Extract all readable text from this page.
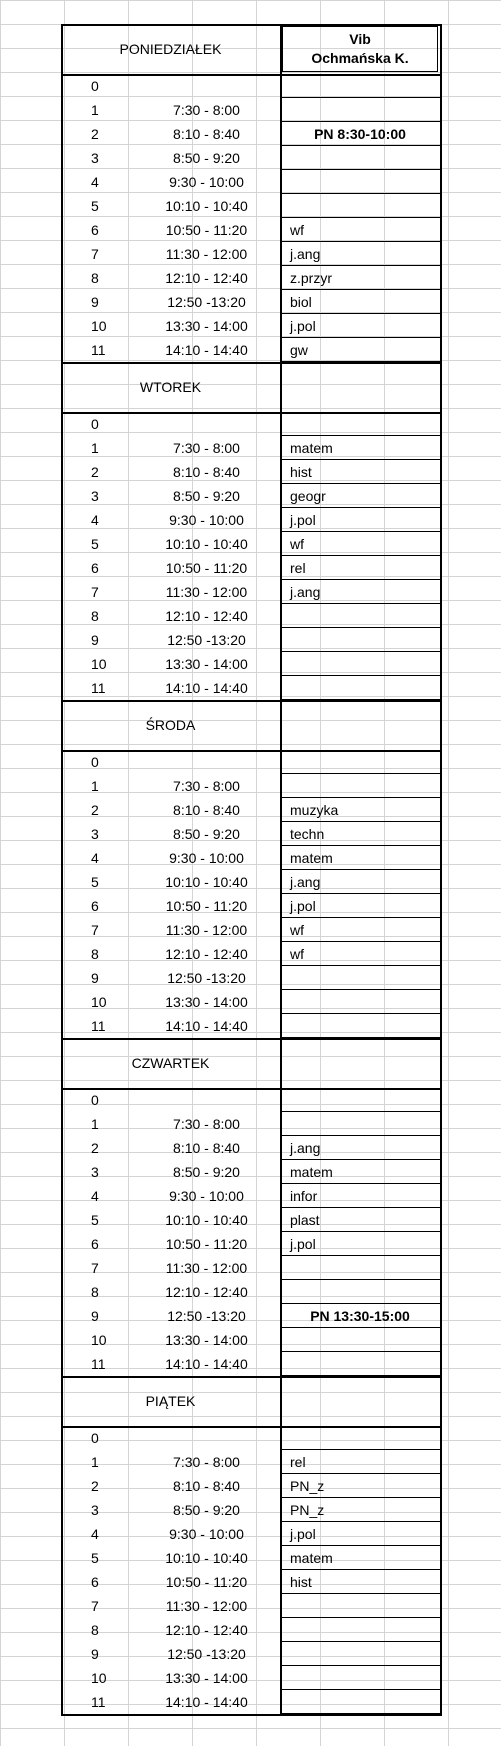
PONIEDZIAŁEK
Vib
Ochmańska K.
0
1	7:30 - 8:00
2	8:10 - 8:40	PN 8:30-10:00
3	8:50 - 9:20
4	9:30 - 10:00
5	10:10 - 10:40
6	10:50 - 11:20	wf
7	11:30 - 12:00	j.ang
8	12:10 - 12:40	z.przyr
9	12:50 -13:20	biol
10	13:30 - 14:00	j.pol
11	14:10 - 14:40	gw
WTOREK
0
1	7:30 - 8:00	matem
2	8:10 - 8:40	hist
3	8:50 - 9:20	geogr
4	9:30 - 10:00	j.pol
5	10:10 - 10:40	wf
6	10:50 - 11:20	rel
7	11:30 - 12:00	j.ang
8	12:10 - 12:40
9	12:50 -13:20
10	13:30 - 14:00
11	14:10 - 14:40
ŚRODA
0
1	7:30 - 8:00
2	8:10 - 8:40	muzyka
3	8:50 - 9:20	techn
4	9:30 - 10:00	matem
5	10:10 - 10:40	j.ang
6	10:50 - 11:20	j.pol
7	11:30 - 12:00	wf
8	12:10 - 12:40	wf
9	12:50 -13:20
10	13:30 - 14:00
11	14:10 - 14:40
CZWARTEK
0
1	7:30 - 8:00
2	8:10 - 8:40	j.ang
3	8:50 - 9:20	matem
4	9:30 - 10:00	infor
5	10:10 - 10:40	plast
6	10:50 - 11:20	j.pol
7	11:30 - 12:00
8	12:10 - 12:40
9	12:50 -13:20	PN 13:30-15:00
10	13:30 - 14:00
11	14:10 - 14:40
PIĄTEK
0
1	7:30 - 8:00	rel
2	8:10 - 8:40	PN_z
3	8:50 - 9:20	PN_z
4	9:30 - 10:00	j.pol
5	10:10 - 10:40	matem
6	10:50 - 11:20	hist
7	11:30 - 12:00
8	12:10 - 12:40
9	12:50 -13:20
10	13:30 - 14:00
11	14:10 - 14:40
